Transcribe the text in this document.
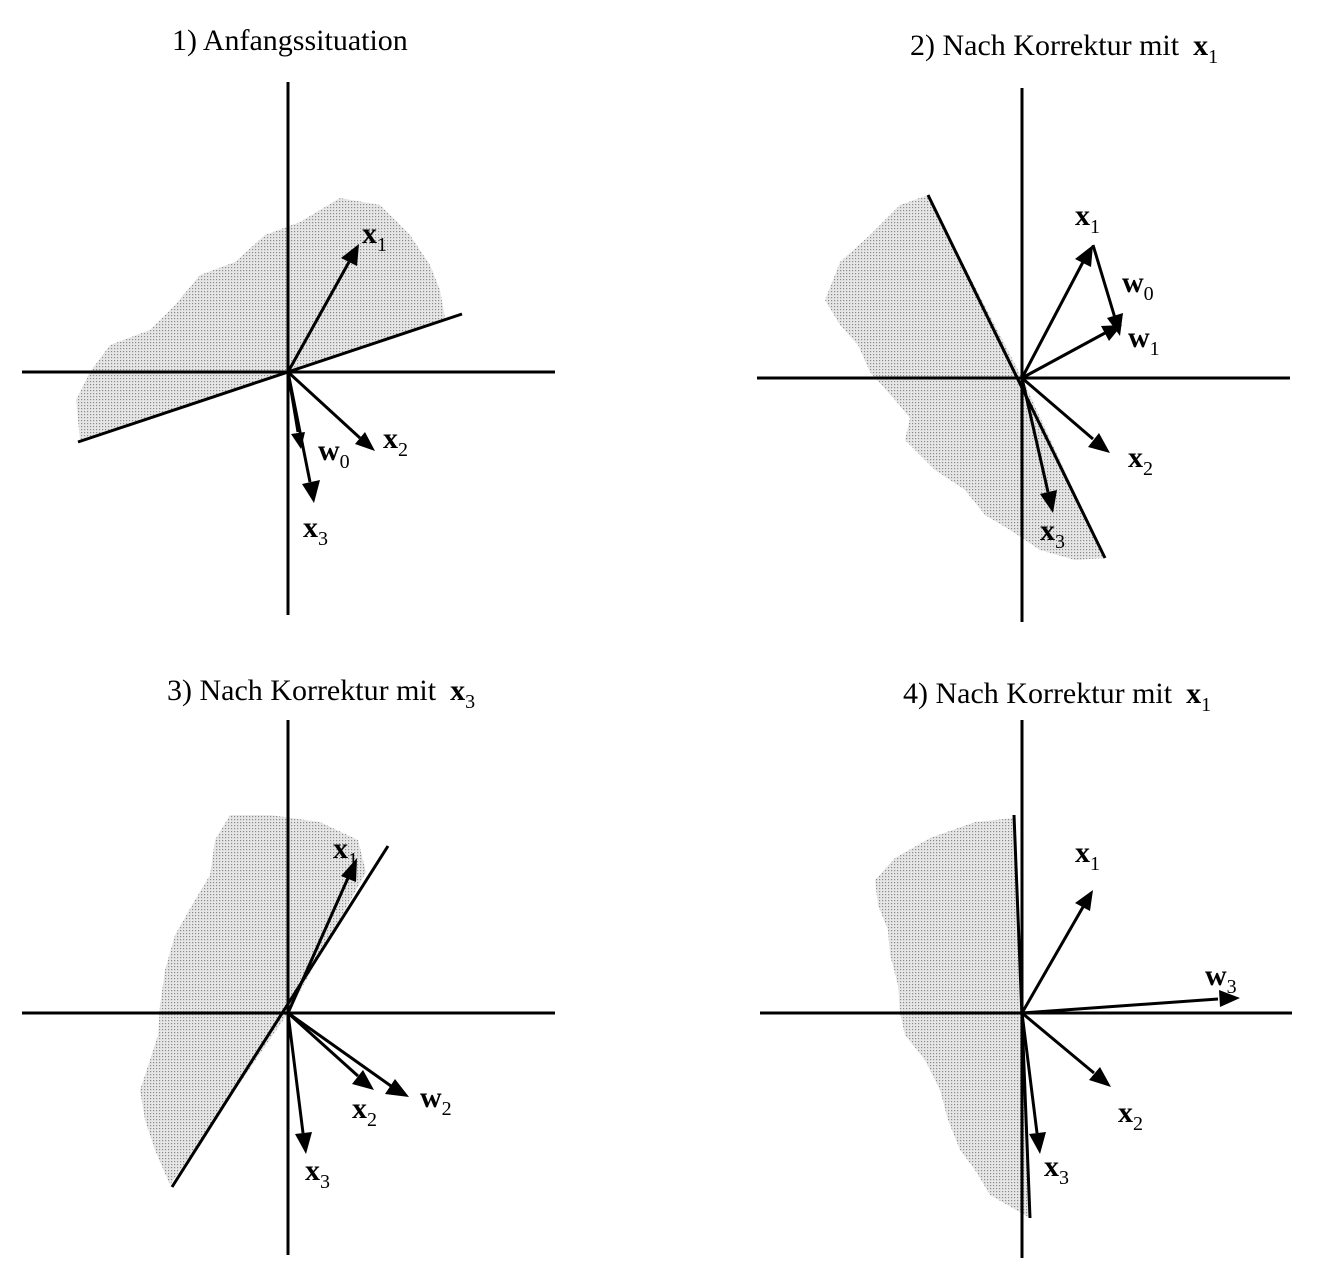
1) Anfangssituation
$x_1$
$x_2$
$x_3$
$w_0$
2) Nach Korrektur mit $x_1$
$x_1$
$w_0$
$w_1$
$x_2$
$x_3$
3) Nach Korrektur mit $x_3$
$x_1$
$x_2$
$w_2$
$x_3$
4) Nach Korrektur mit $x_1$
$x_1$
$w_3$
$x_2$
$x_3$
